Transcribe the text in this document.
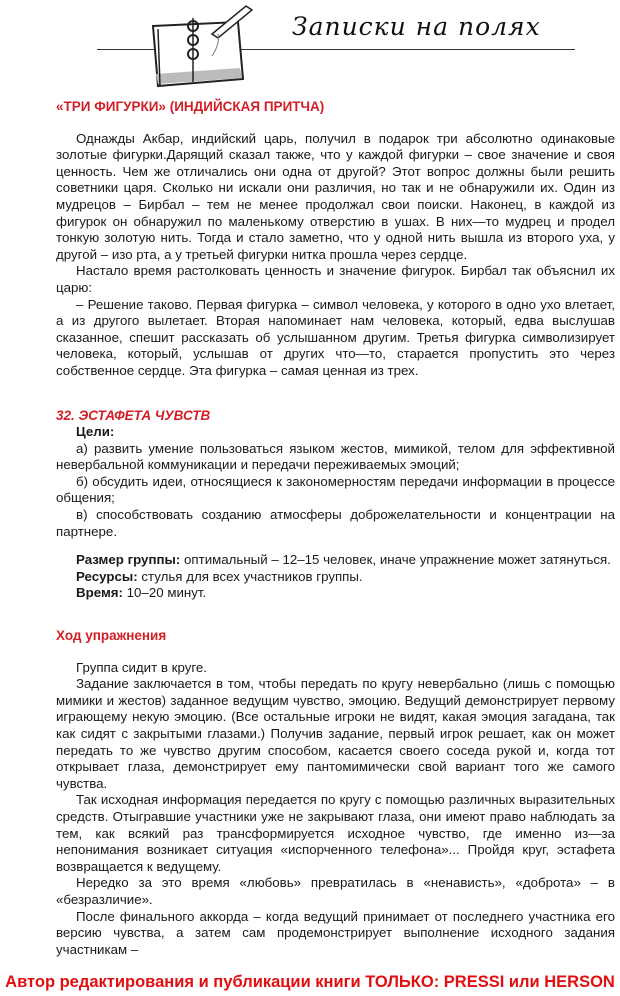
Записки на полях
«ТРИ ФИГУРКИ» (ИНДИЙСКАЯ ПРИТЧА)

Однажды Акбар, индийский царь, получил в подарок три абсолютно одинаковые золотые фигурки.Дарящий сказал также, что у каждой фигурки – свое значение и своя ценность. Чем же отличались они одна от другой? Этот вопрос должны были решить советники царя. Сколько ни искали они различия, но так и не обнаружили их. Один из мудрецов – Бирбал – тем не менее продолжал свои поиски. Наконец, в каждой из фигурок он обнаружил по маленькому отверстию в ушах. В них—то мудрец и продел тонкую золотую нить. Тогда и стало заметно, что у одной нить вышла из второго уха, у другой – изо рта, а у третьей фигурки нитка прошла через сердце.

Настало время растолковать ценность и значение фигурок. Бирбал так объяснил их царю:

– Решение таково. Первая фигурка – символ человека, у которого в одно ухо влетает, а из другого вылетает. Вторая напоминает нам человека, который, едва выслушав сказанное, спешит рассказать об услышанном другим. Третья фигурка символизирует человека, который, услышав от других что—то, старается пропустить это через собственное сердце. Эта фигурка – самая ценная из трех.

32. ЭСТАФЕТА ЧУВСТВ

Цели:

а) развить умение пользоваться языком жестов, мимикой, телом для эффективной невербальной коммуникации и передачи переживаемых эмоций;

б) обсудить идеи, относящиеся к закономерностям передачи информации в процессе общения;

в) способствовать созданию атмосферы доброжелательности и концентрации на партнере.

Размер группы: оптимальный – 12–15 человек, иначе упражнение может затянуться.

Ресурсы: стулья для всех участников группы.

Время: 10–20 минут.

Ход упражнения

Группа сидит в круге.

Задание заключается в том, чтобы передать по кругу невербально (лишь с помощью мимики и жестов) заданное ведущим чувство, эмоцию. Ведущий демонстрирует первому играющему некую эмоцию. (Все остальные игроки не видят, какая эмоция загадана, так как сидят с закрытыми глазами.) Получив задание, первый игрок решает, как он может передать то же чувство другим способом, касается своего соседа рукой и, когда тот открывает глаза, демонстрирует ему пантомимически свой вариант того же самого чувства.

Так исходная информация передается по кругу с помощью различных выразительных средств. Отыгравшие участники уже не закрывают глаза, они имеют право наблюдать за тем, как всякий раз трансформируется исходное чувство, где именно из—за непонимания возникает ситуация «испорченного телефона»... Пройдя круг, эстафета возвращается к ведущему.

Нередко за это время «любовь» превратилась в «ненависть», «доброта» – в «безразличие».

После финального аккорда – когда ведущий принимает от последнего участника его версию чувства, а затем сам продемонстрирует выполнение исходного задания участникам –

Автор редактирования и публикации книги ТОЛЬКО: PRESSI или HERSON
